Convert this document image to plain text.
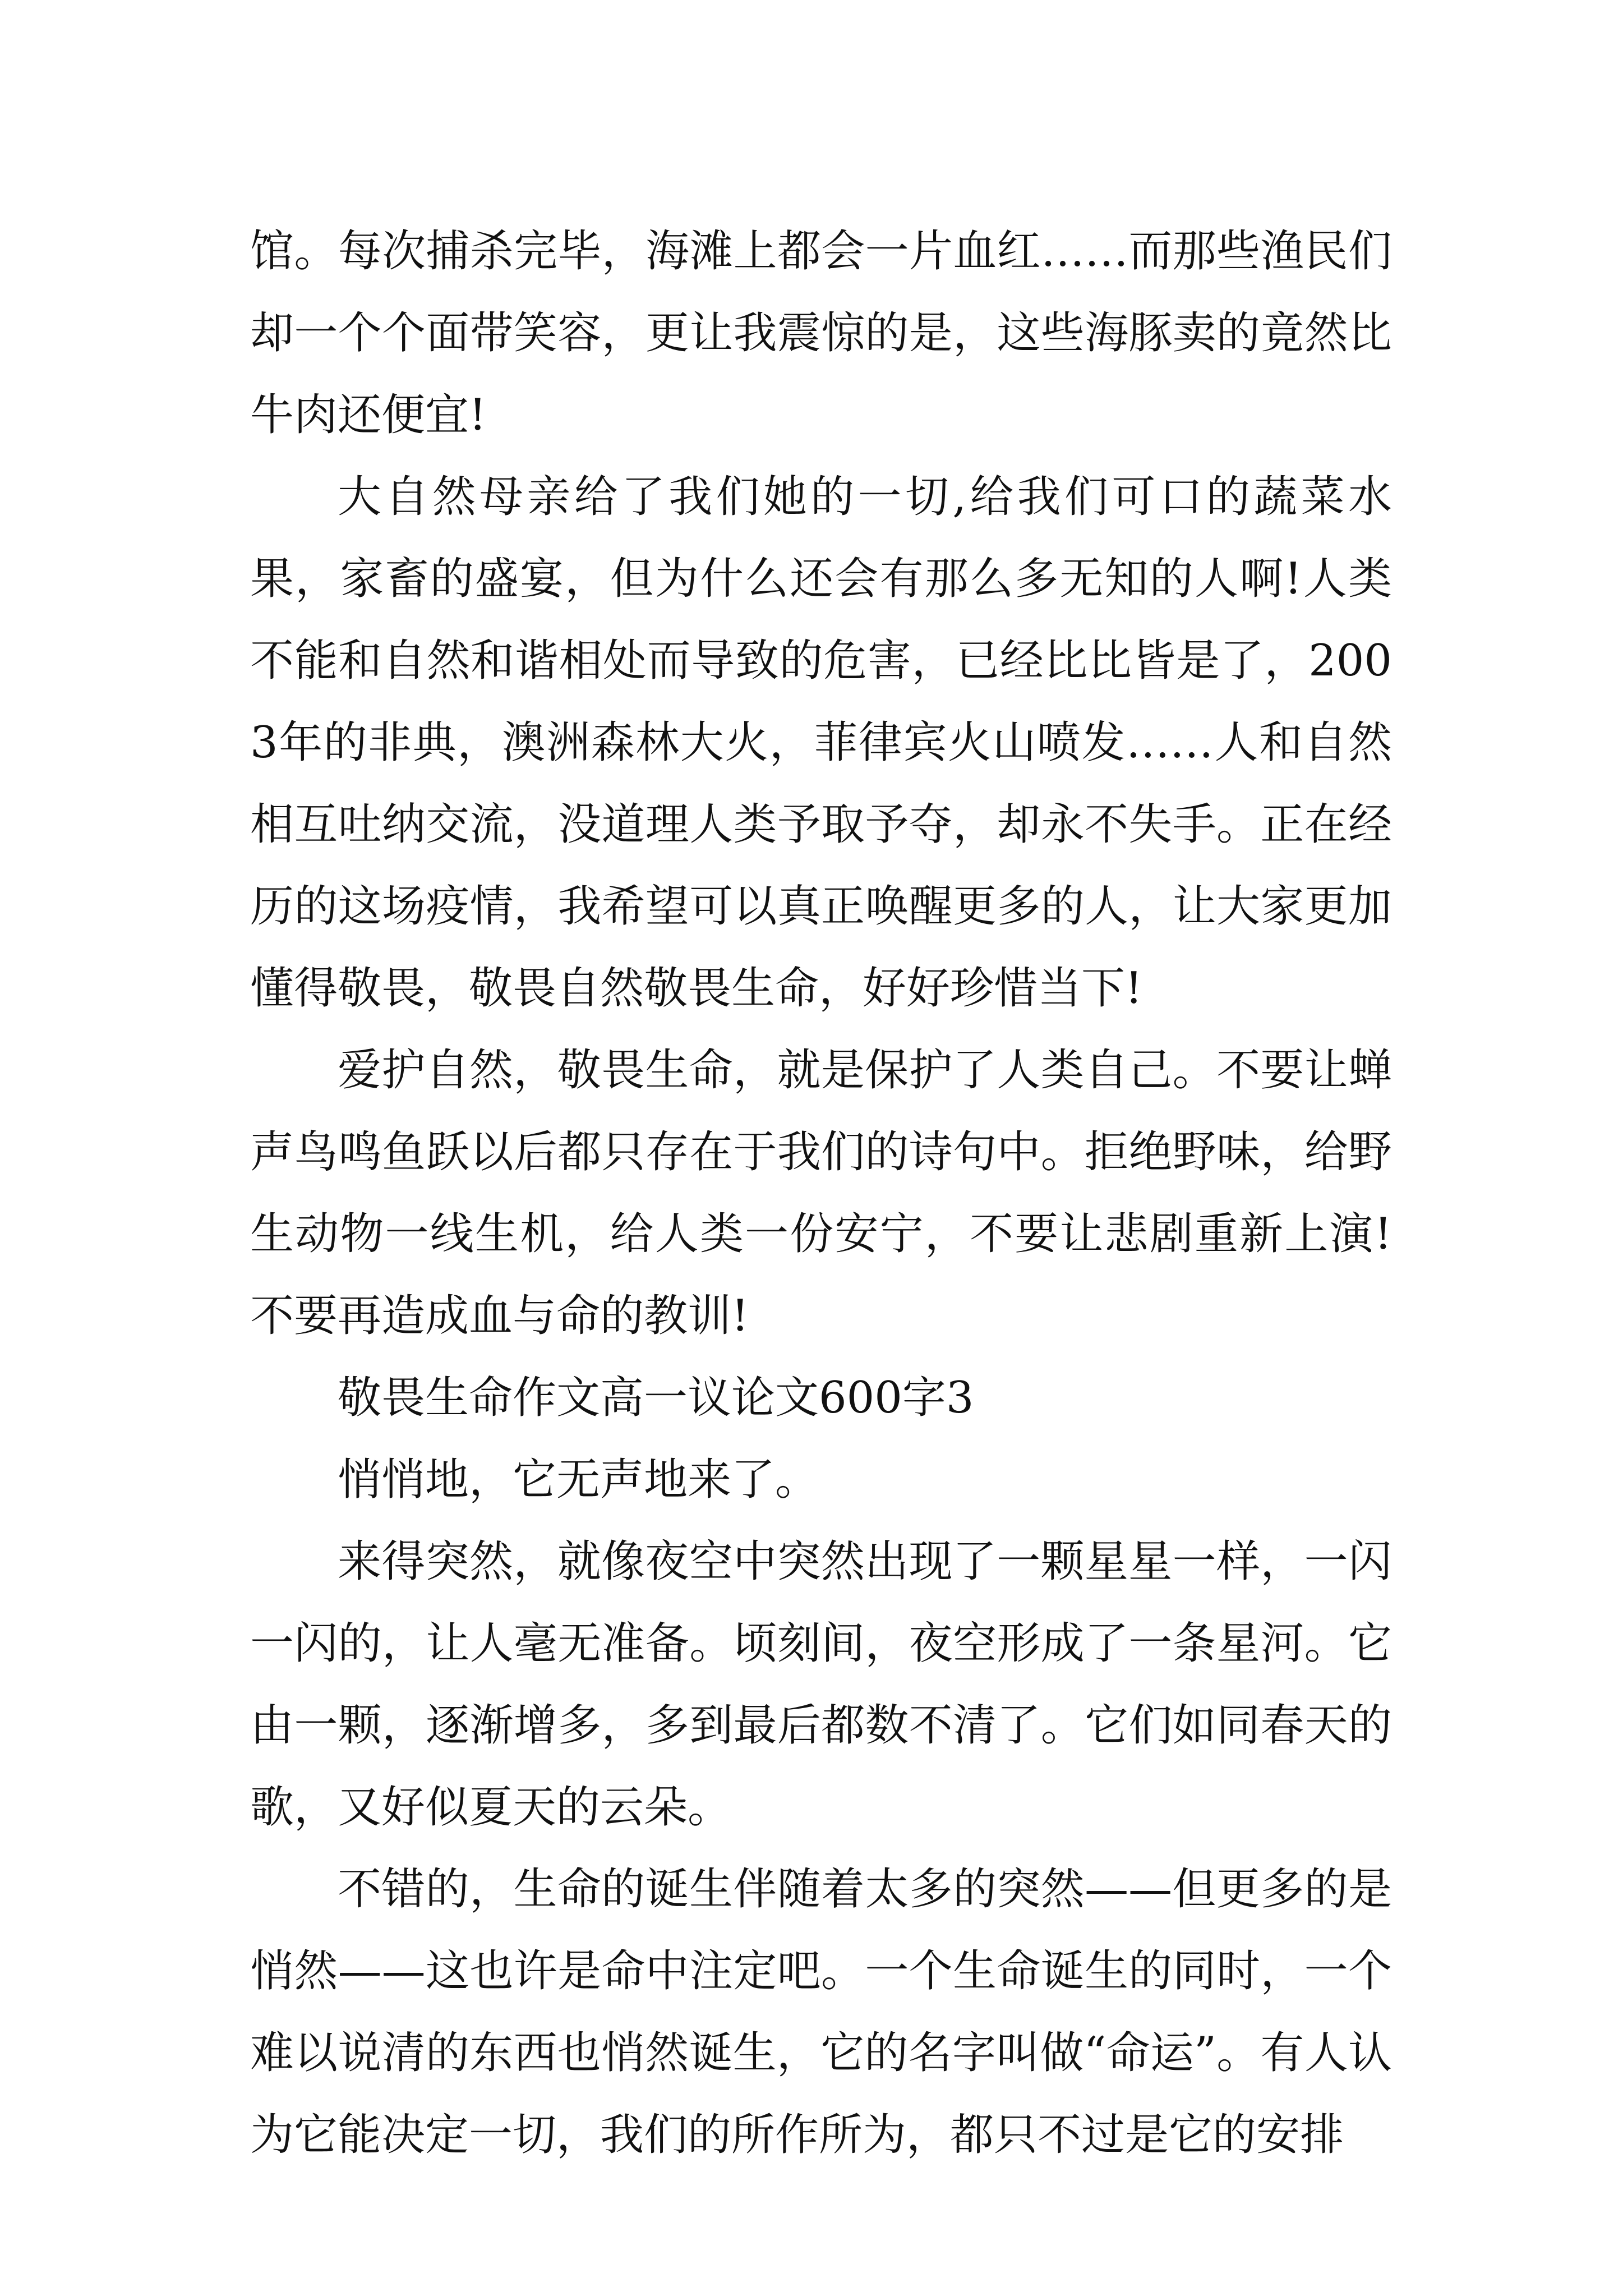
馆。每次捕杀完毕，海滩上都会一片血红……而那些渔民们却一个个面带笑容，更让我震惊的是，这些海豚卖的竟然比牛肉还便宜!

大自然母亲给了我们她的一切,给我们可口的蔬菜水果，家畜的盛宴，但为什么还会有那么多无知的人啊!人类不能和自然和谐相处而导致的危害，已经比比皆是了，2003年的非典，澳洲森林大火，菲律宾火山喷发……人和自然相互吐纳交流，没道理人类予取予夺，却永不失手。正在经历的这场疫情，我希望可以真正唤醒更多的人，让大家更加懂得敬畏，敬畏自然敬畏生命，好好珍惜当下!

爱护自然，敬畏生命，就是保护了人类自己。不要让蝉声鸟鸣鱼跃以后都只存在于我们的诗句中。拒绝野味，给野生动物一线生机，给人类一份安宁，不要让悲剧重新上演!不要再造成血与命的教训!

敬畏生命作文高一议论文600字3

悄悄地，它无声地来了。

来得突然，就像夜空中突然出现了一颗星星一样，一闪一闪的，让人毫无准备。顷刻间，夜空形成了一条星河。它由一颗，逐渐增多，多到最后都数不清了。它们如同春天的歌，又好似夏天的云朵。

不错的，生命的诞生伴随着太多的突然——但更多的是悄然——这也许是命中注定吧。一个生命诞生的同时，一个难以说清的东西也悄然诞生，它的名字叫做“命运”。有人认为它能决定一切，我们的所作所为，都只不过是它的安排
